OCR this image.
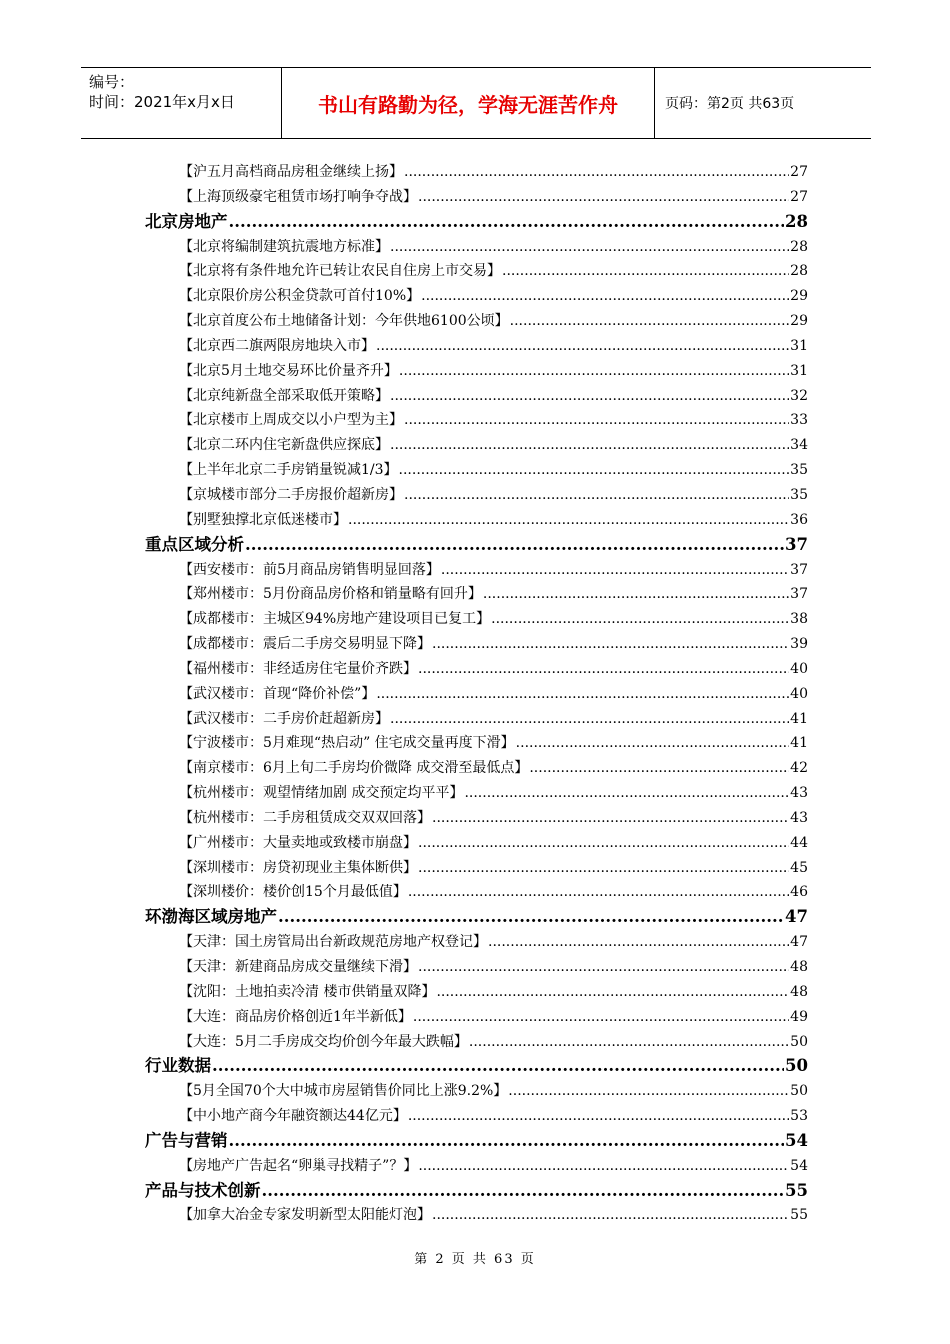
编号：
时间：2021年x月x日	书山有路勤为径，学海无涯苦作舟	页码：第2页 共63页
【沪五月高档商品房租金继续上扬】 .....	27
【上海顶级豪宅租赁市场打响争夺战】 .....	27
北京房地产 .....	28
【北京将编制建筑抗震地方标准】 .....	28
【北京将有条件地允许已转让农民自住房上市交易】 .....	28
【北京限价房公积金贷款可首付10%】 .....	29
【北京首度公布土地储备计划：今年供地6100公顷】 .....	29
【北京西二旗两限房地块入市】 .....	31
【北京5月土地交易环比价量齐升】 .....	31
【北京纯新盘全部采取低开策略】 .....	32
【北京楼市上周成交以小户型为主】 .....	33
【北京二环内住宅新盘供应探底】 .....	34
【上半年北京二手房销量锐减1/3】 .....	35
【京城楼市部分二手房报价超新房】 .....	35
【别墅独撑北京低迷楼市】 .....	36
重点区域分析 .....	37
【西安楼市：前5月商品房销售明显回落】 .....	37
【郑州楼市：5月份商品房价格和销量略有回升】 .....	37
【成都楼市：主城区94%房地产建设项目已复工】 .....	38
【成都楼市：震后二手房交易明显下降】 .....	39
【福州楼市：非经适房住宅量价齐跌】 .....	40
【武汉楼市：首现“降价补偿”】 .....	40
【武汉楼市：二手房价赶超新房】 .....	41
【宁波楼市：5月难现“热启动” 住宅成交量再度下滑】 .....	41
【南京楼市：6月上旬二手房均价微降 成交滑至最低点】 .....	42
【杭州楼市：观望情绪加剧 成交预定均平平】 .....	43
【杭州楼市：二手房租赁成交双双回落】 .....	43
【广州楼市：大量卖地或致楼市崩盘】 .....	44
【深圳楼市：房贷初现业主集体断供】 .....	45
【深圳楼价：楼价创15个月最低值】 .....	46
环渤海区域房地产 .....	47
【天津：国土房管局出台新政规范房地产权登记】 .....	47
【天津：新建商品房成交量继续下滑】 .....	48
【沈阳：土地拍卖冷清 楼市供销量双降】 .....	48
【大连：商品房价格创近1年半新低】 .....	49
【大连：5月二手房成交均价创今年最大跌幅】 .....	50
行业数据 .....	50
【5月全国70个大中城市房屋销售价同比上涨9.2%】 .....	50
【中小地产商今年融资额达44亿元】 .....	53
广告与营销 .....	54
【房地产广告起名“卵巢寻找精子”？】 .....	54
产品与技术创新 .....	55
【加拿大冶金专家发明新型太阳能灯泡】 .....	55
第 2 页 共 63 页
